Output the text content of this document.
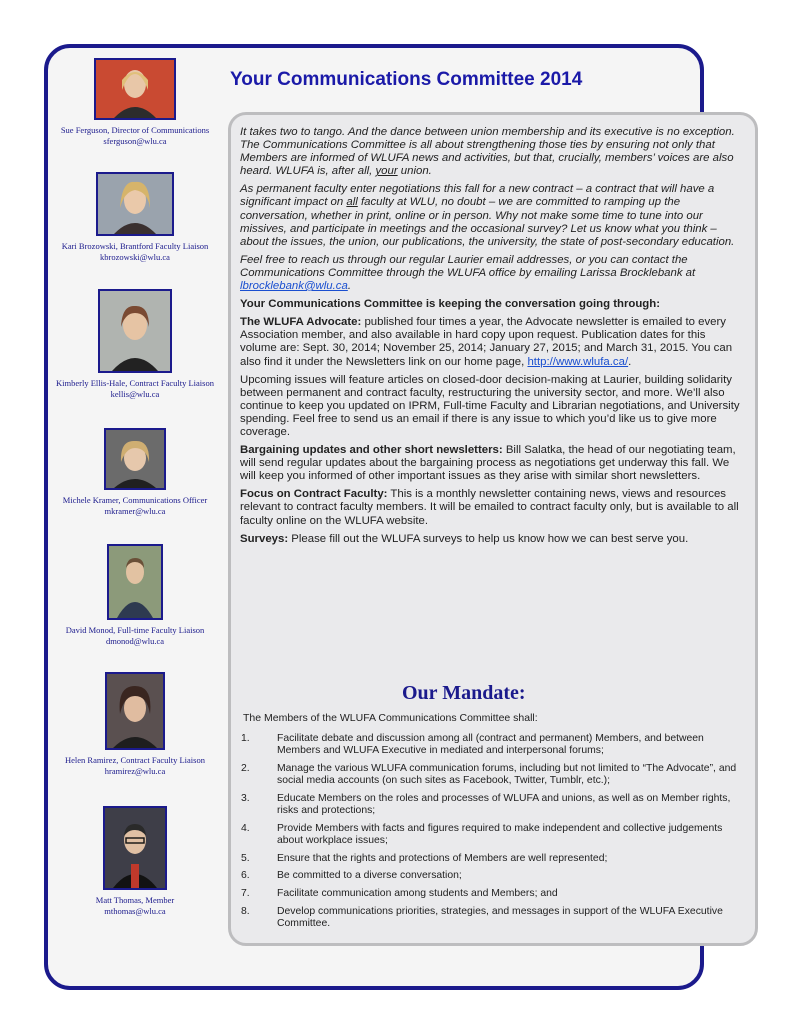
Your Communications Committee 2014
Sue Ferguson, Director of Communications
sferguson@wlu.ca
Kari Brozowski, Brantford Faculty Liaison
kbrozowski@wlu.ca
Kimberly Ellis-Hale, Contract Faculty Liaison
kellis@wlu.ca
Michele Kramer, Communications Officer
mkramer@wlu.ca
David Monod, Full-time Faculty Liaison
dmonod@wlu.ca
Helen Ramirez, Contract Faculty Liaison
hramirez@wlu.ca
Matt Thomas, Member
mthomas@wlu.ca

It takes two to tango. And the dance between union membership and its executive is no exception. The Communications Committee is all about strengthening those ties by ensuring not only that Members are informed of WLUFA news and activities, but that, crucially, members’ voices are also heard. WLUFA is, after all, your union.

As permanent faculty enter negotiations this fall for a new contract – a contract that will have a significant impact on all faculty at WLU, no doubt – we are committed to ramping up the conversation, whether in print, online or in person. Why not make some time to tune into our missives, and participate in meetings and the occasional survey? Let us know what you think – about the issues, the union, our publications, the university, the state of post-secondary education.

Feel free to reach us through our regular Laurier email addresses, or you can contact the Communications Committee through the WLUFA office by emailing Larissa Brocklebank at lbrocklebank@wlu.ca.

Your Communications Committee is keeping the conversation going through:

The WLUFA Advocate: published four times a year, the Advocate newsletter is emailed to every Association member, and also available in hard copy upon request. Publication dates for this volume are: Sept. 30, 2014; November 25, 2014; January 27, 2015; and March 31, 2015. You can also find it under the Newsletters link on our home page, http://www.wlufa.ca/.

Upcoming issues will feature articles on closed-door decision-making at Laurier, building solidarity between permanent and contract faculty, restructuring the university sector, and more. We’ll also continue to keep you updated on IPRM, Full-time Faculty and Librarian negotiations, and University spending. Feel free to send us an email if there is any issue to which you’d like us to give more coverage.

Bargaining updates and other short newsletters: Bill Salatka, the head of our negotiating team, will send regular updates about the bargaining process as negotiations get underway this fall. We will keep you informed of other important issues as they arise with similar short newsletters.

Focus on Contract Faculty: This is a monthly newsletter containing news, views and resources relevant to contract faculty members. It will be emailed to contract faculty only, but is available to all faculty online on the WLUFA website.

Surveys: Please fill out the WLUFA surveys to help us know how we can best serve you.

Our Mandate:
The Members of the WLUFA Communications Committee shall:
1.	Facilitate debate and discussion among all (contract and permanent) Members, and between Members and WLUFA Executive in mediated and interpersonal forums;
2.	Manage the various WLUFA communication forums, including but not limited to “The Advocate”, and social media accounts (on such sites as Facebook, Twitter, Tumblr, etc.);
3.	Educate Members on the roles and processes of WLUFA and unions, as well as on Member rights, risks and protections;
4.	Provide Members with facts and figures required to make independent and collective judgements about workplace issues;
5.	Ensure that the rights and protections of Members are well represented;
6.	Be committed to a diverse conversation;
7.	Facilitate communication among students and Members; and
8.	Develop communications priorities, strategies, and messages in support of the WLUFA Executive Committee.
